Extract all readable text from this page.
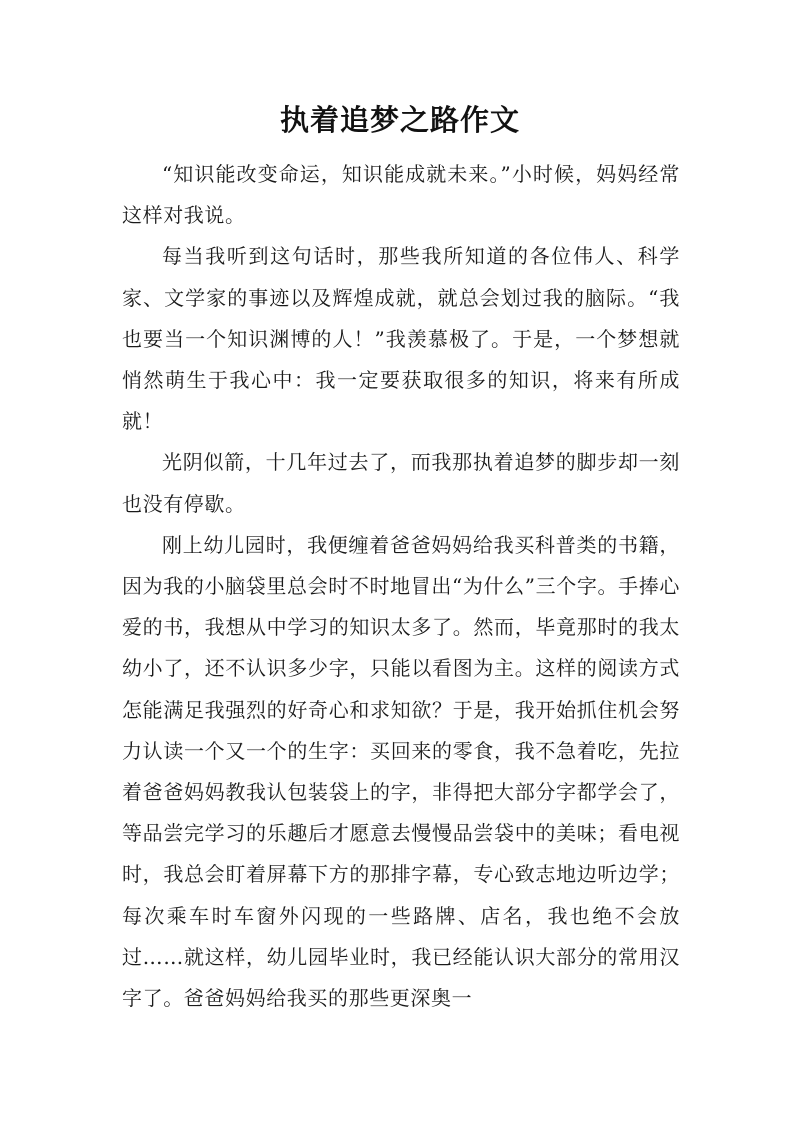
执着追梦之路作文

“知识能改变命运，知识能成就未来。”小时候，妈妈经常这样对我说。

每当我听到这句话时，那些我所知道的各位伟人、科学家、文学家的事迹以及辉煌成就，就总会划过我的脑际。“我也要当一个知识渊博的人！”我羡慕极了。于是，一个梦想就悄然萌生于我心中：我一定要获取很多的知识，将来有所成就！

光阴似箭，十几年过去了，而我那执着追梦的脚步却一刻也没有停歇。

刚上幼儿园时，我便缠着爸爸妈妈给我买科普类的书籍，因为我的小脑袋里总会时不时地冒出“为什么”三个字。手捧心爱的书，我想从中学习的知识太多了。然而，毕竟那时的我太幼小了，还不认识多少字，只能以看图为主。这样的阅读方式怎能满足我强烈的好奇心和求知欲？于是，我开始抓住机会努力认读一个又一个的生字：买回来的零食，我不急着吃，先拉着爸爸妈妈教我认包装袋上的字，非得把大部分字都学会了，等品尝完学习的乐趣后才愿意去慢慢品尝袋中的美味；看电视时，我总会盯着屏幕下方的那排字幕，专心致志地边听边学；每次乘车时车窗外闪现的一些路牌、店名，我也绝不会放过……就这样，幼儿园毕业时，我已经能认识大部分的常用汉字了。爸爸妈妈给我买的那些更深奥一
